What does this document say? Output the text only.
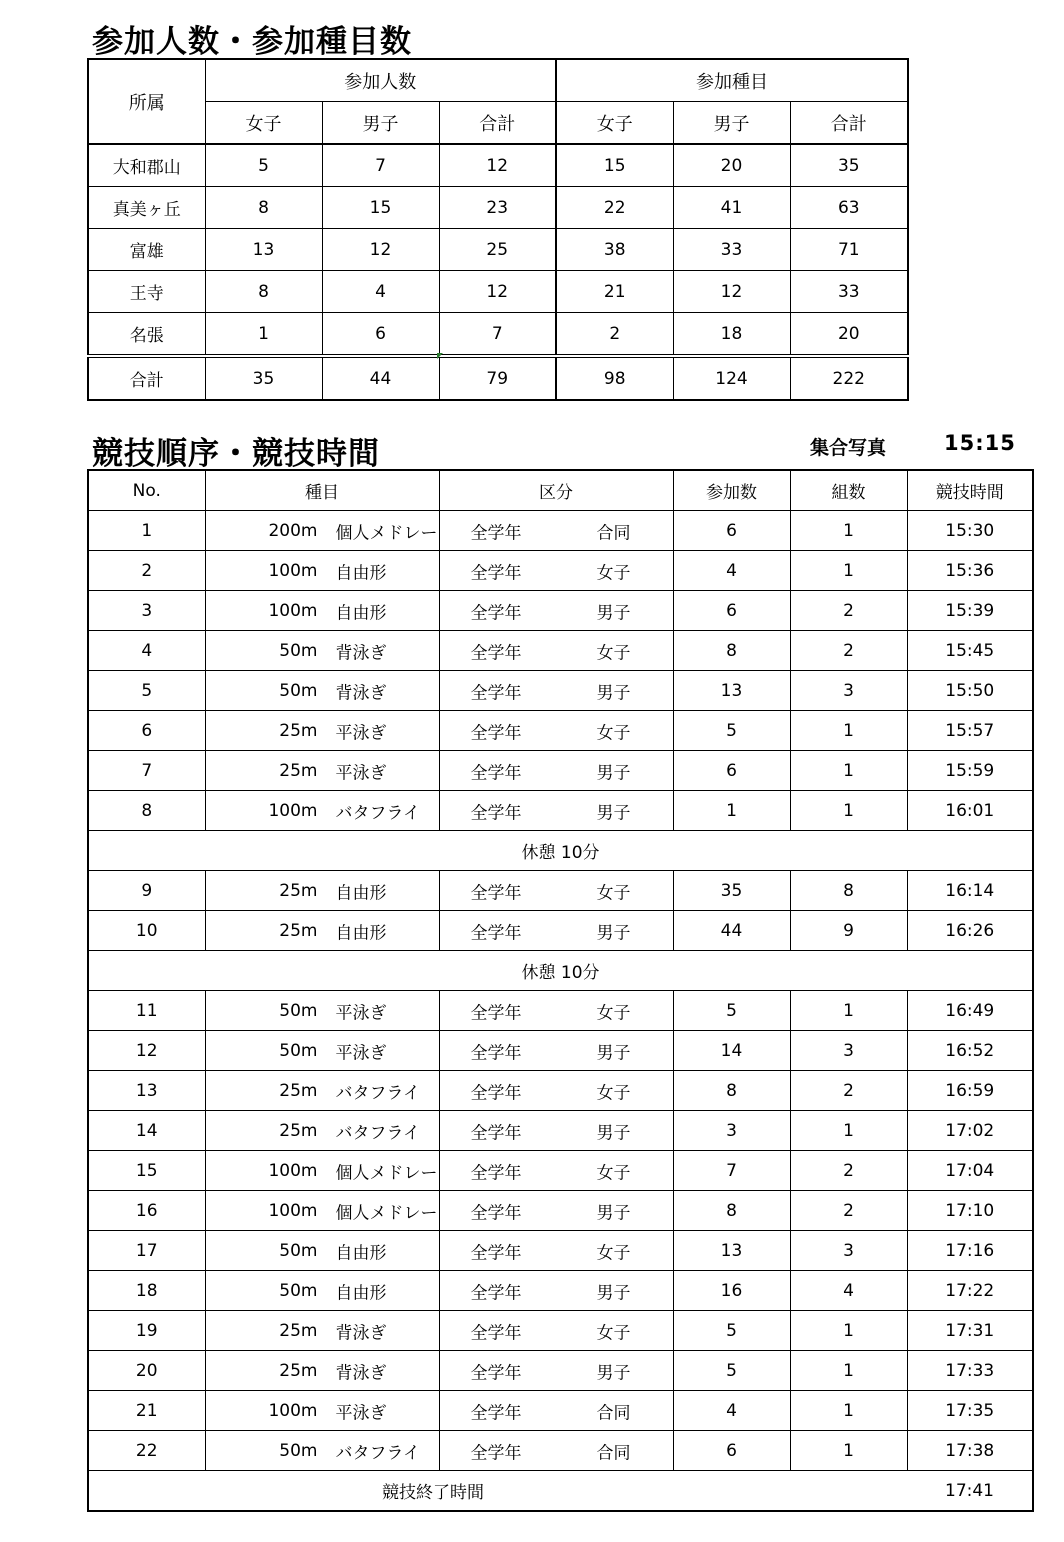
参加人数・参加種目数
所属	参加人数			参加種目		
	女子	男子	合計	女子	男子	合計
大和郡山	5	7	12	15	20	35
真美ヶ丘	8	15	23	22	41	63
富雄	13	12	25	38	33	71
王寺	8	4	12	21	12	33
名張	1	6	7	2	18	20
合計	35	44	79	98	124	222
競技順序・競技時間	集合写真	15:15
No.	種目	区分	参加数	組数	競技時間
1	200m 個人メドレー	全学年 合同	6	1	15:30
2	100m 自由形	全学年 女子	4	1	15:36
3	100m 自由形	全学年 男子	6	2	15:39
4	50m 背泳ぎ	全学年 女子	8	2	15:45
5	50m 背泳ぎ	全学年 男子	13	3	15:50
6	25m 平泳ぎ	全学年 女子	5	1	15:57
7	25m 平泳ぎ	全学年 男子	6	1	15:59
8	100m バタフライ	全学年 男子	1	1	16:01
休憩 10分					
9	25m 自由形	全学年 女子	35	8	16:14
10	25m 自由形	全学年 男子	44	9	16:26
休憩 10分					
11	50m 平泳ぎ	全学年 女子	5	1	16:49
12	50m 平泳ぎ	全学年 男子	14	3	16:52
13	25m バタフライ	全学年 女子	8	2	16:59
14	25m バタフライ	全学年 男子	3	1	17:02
15	100m 個人メドレー	全学年 女子	7	2	17:04
16	100m 個人メドレー	全学年 男子	8	2	17:10
17	50m 自由形	全学年 女子	13	3	17:16
18	50m 自由形	全学年 男子	16	4	17:22
19	25m 背泳ぎ	全学年 女子	5	1	17:31
20	25m 背泳ぎ	全学年 男子	5	1	17:33
21	100m 平泳ぎ	全学年 合同	4	1	17:35
22	50m バタフライ	全学年 合同	6	1	17:38
競技終了時間					17:41
